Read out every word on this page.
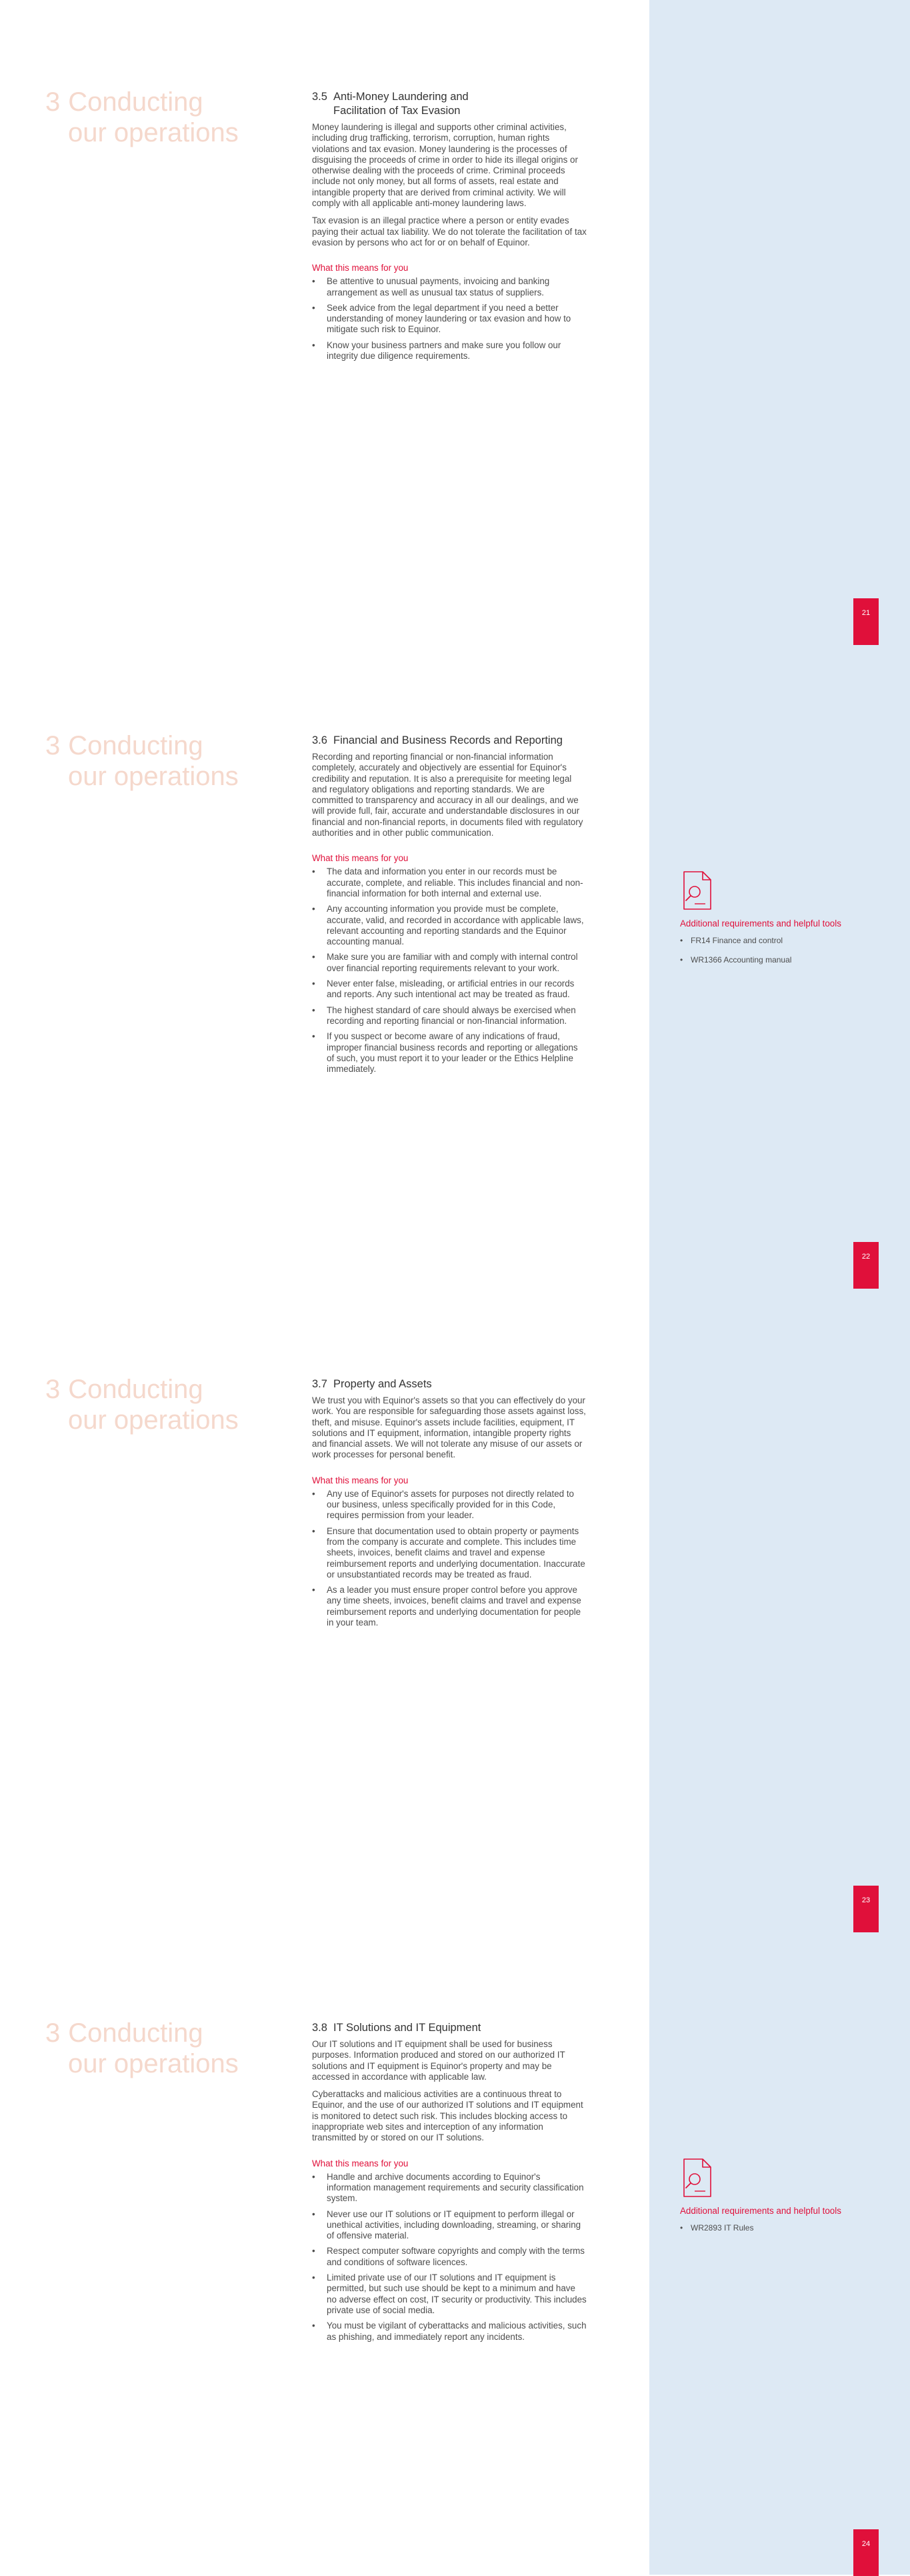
3 Conducting
our operations
3.5 Anti-Money Laundering and Facilitation of Tax Evasion

Money laundering is illegal and supports other criminal activities, including drug trafficking, terrorism, corruption, human rights violations and tax evasion. Money laundering is the processes of disguising the proceeds of crime in order to hide its illegal origins or otherwise dealing with the proceeds of crime. Criminal proceeds include not only money, but all forms of assets, real estate and intangible property that are derived from criminal activity. We will comply with all applicable anti-money laundering laws.

Tax evasion is an illegal practice where a person or entity evades paying their actual tax liability. We do not tolerate the facilitation of tax evasion by persons who act for or on behalf of Equinor.

What this means for you
• Be attentive to unusual payments, invoicing and banking arrangement as well as unusual tax status of suppliers.
• Seek advice from the legal department if you need a better understanding of money laundering or tax evasion and how to mitigate such risk to Equinor.
• Know your business partners and make sure you follow our integrity due diligence requirements.
21
3 Conducting
our operations
3.6 Financial and Business Records and Reporting

Recording and reporting financial or non-financial information completely, accurately and objectively are essential for Equinor's credibility and reputation. It is also a prerequisite for meeting legal and regulatory obligations and reporting standards. We are committed to transparency and accuracy in all our dealings, and we will provide full, fair, accurate and understandable disclosures in our financial and non-financial reports, in documents filed with regulatory authorities and in other public communication.

What this means for you
• The data and information you enter in our records must be accurate, complete, and reliable. This includes financial and non- financial information for both internal and external use.
• Any accounting information you provide must be complete, accurate, valid, and recorded in accordance with applicable laws, relevant accounting and reporting standards and the Equinor accounting manual.
• Make sure you are familiar with and comply with internal control over financial reporting requirements relevant to your work.
• Never enter false, misleading, or artificial entries in our records and reports. Any such intentional act may be treated as fraud.
• The highest standard of care should always be exercised when recording and reporting financial or non-financial information.
• If you suspect or become aware of any indications of fraud, improper financial business records and reporting or allegations of such, you must report it to your leader or the Ethics Helpline immediately.
Additional requirements and helpful tools
• FR14 Finance and control
• WR1366 Accounting manual
22
3 Conducting
our operations
3.7 Property and Assets

We trust you with Equinor's assets so that you can effectively do your work. You are responsible for safeguarding those assets against loss, theft, and misuse. Equinor's assets include facilities, equipment, IT solutions and IT equipment, information, intangible property rights and financial assets. We will not tolerate any misuse of our assets or work processes for personal benefit.

What this means for you
• Any use of Equinor's assets for purposes not directly related to our business, unless specifically provided for in this Code, requires permission from your leader.
• Ensure that documentation used to obtain property or payments from the company is accurate and complete. This includes time sheets, invoices, benefit claims and travel and expense reimbursement reports and underlying documentation. Inaccurate or unsubstantiated records may be treated as fraud.
• As a leader you must ensure proper control before you approve any time sheets, invoices, benefit claims and travel and expense reimbursement reports and underlying documentation for people in your team.
23
3 Conducting
our operations
3.8 IT Solutions and IT Equipment

Our IT solutions and IT equipment shall be used for business purposes. Information produced and stored on our authorized IT solutions and IT equipment is Equinor's property and may be accessed in accordance with applicable law.

Cyberattacks and malicious activities are a continuous threat to Equinor, and the use of our authorized IT solutions and IT equipment is monitored to detect such risk. This includes blocking access to inappropriate web sites and interception of any information transmitted by or stored on our IT solutions.

What this means for you
• Handle and archive documents according to Equinor's information management requirements and security classification system.
• Never use our IT solutions or IT equipment to perform illegal or unethical activities, including downloading, streaming, or sharing of offensive material.
• Respect computer software copyrights and comply with the terms and conditions of software licences.
• Limited private use of our IT solutions and IT equipment is permitted, but such use should be kept to a minimum and have no adverse effect on cost, IT security or productivity. This includes private use of social media.
• You must be vigilant of cyberattacks and malicious activities, such as phishing, and immediately report any incidents.
Additional requirements and helpful tools
• WR2893 IT Rules
24
